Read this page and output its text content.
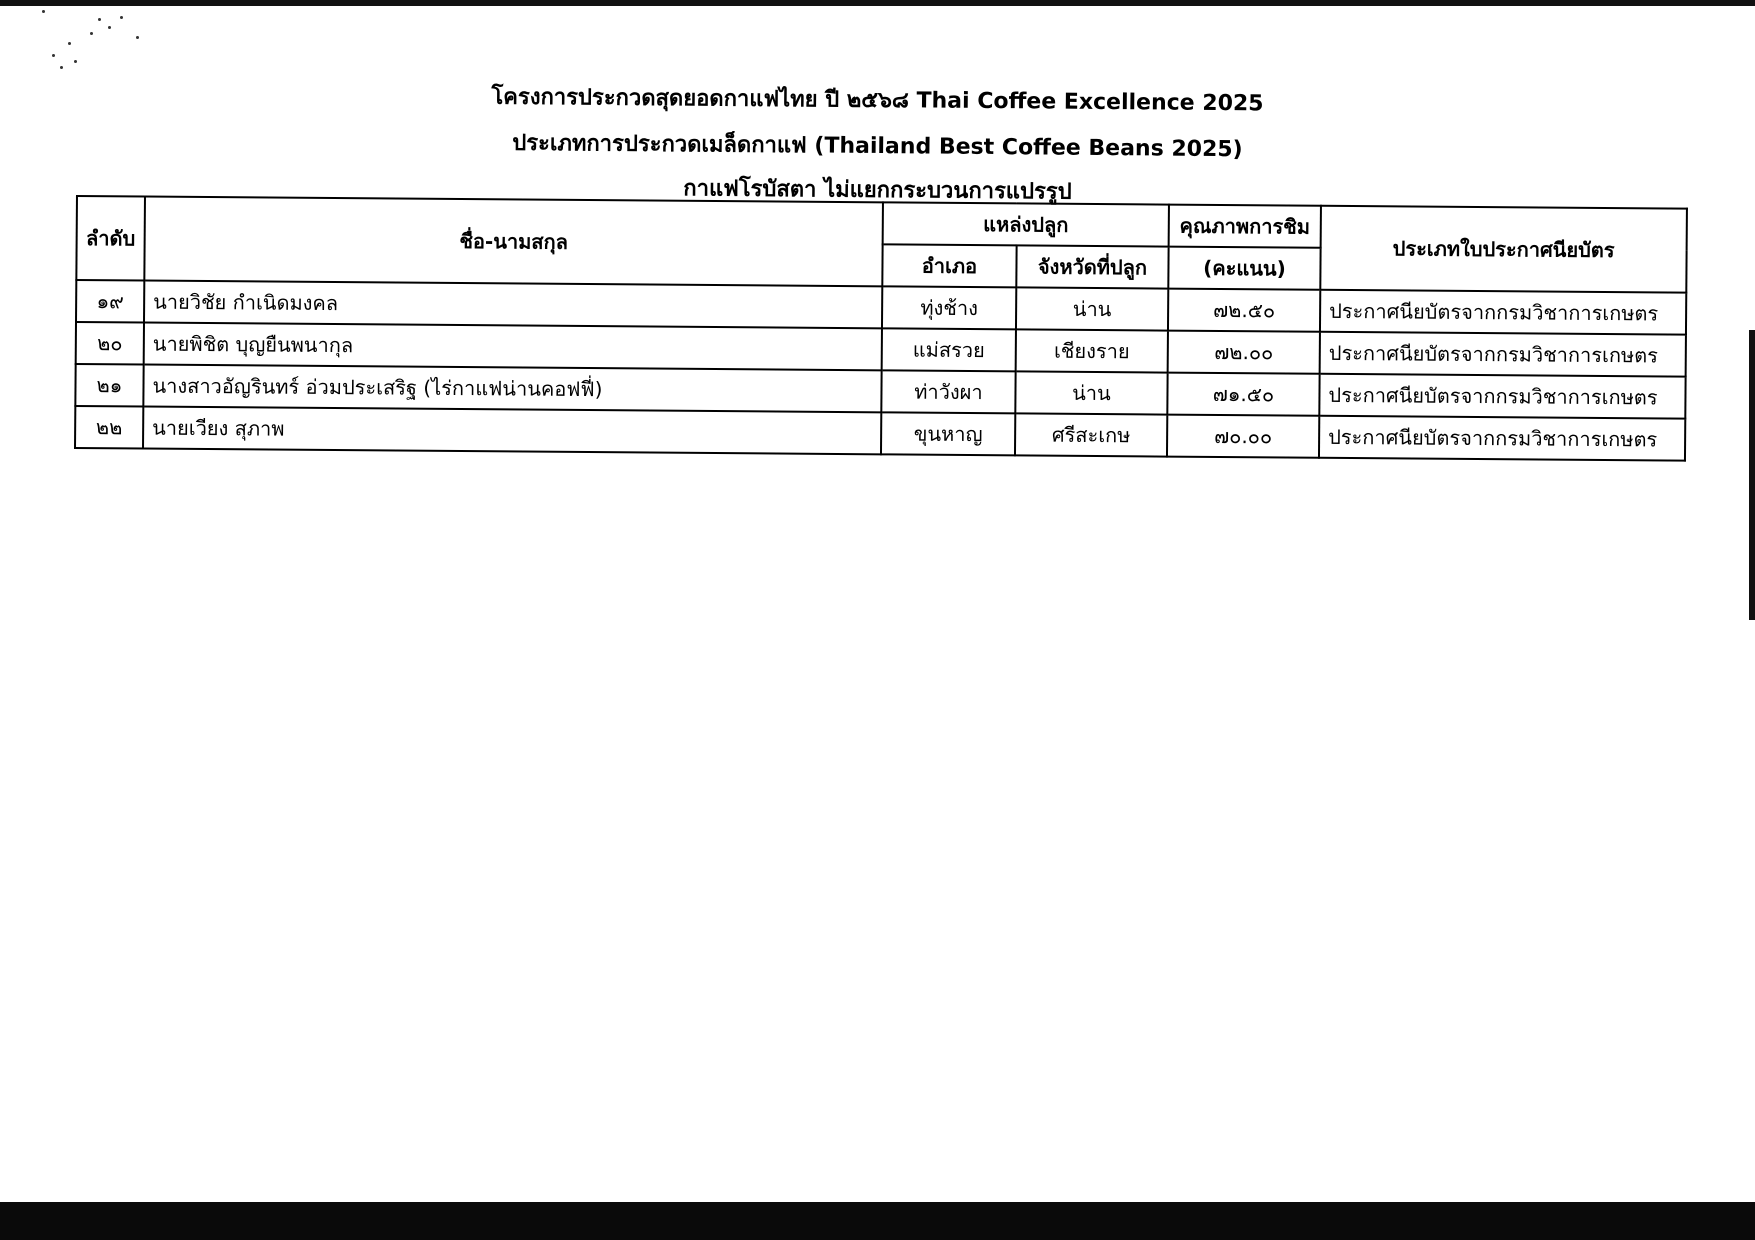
โครงการประกวดสุดยอดกาแฟไทย ปี ๒๕๖๘ Thai Coffee Excellence 2025
ประเภทการประกวดเมล็ดกาแฟ (Thailand Best Coffee Beans 2025)
กาแฟโรบัสตา ไม่แยกกระบวนการแปรรูป
ลำดับ	ชื่อ-นามสกุล	แหล่งปลูก		คุณภาพการชิม	ประเภทใบประกาศนียบัตร
		อำเภอ	จังหวัดที่ปลูก	(คะแนน)	
๑๙	นายวิชัย กำเนิดมงคล	ทุ่งช้าง	น่าน	๗๒.๕๐	ประกาศนียบัตรจากกรมวิชาการเกษตร
๒๐	นายพิชิต บุญยืนพนากุล	แม่สรวย	เชียงราย	๗๒.๐๐	ประกาศนียบัตรจากกรมวิชาการเกษตร
๒๑	นางสาวอัญรินทร์ อ่วมประเสริฐ (ไร่กาแฟน่านคอฟฟี่)	ท่าวังผา	น่าน	๗๑.๕๐	ประกาศนียบัตรจากกรมวิชาการเกษตร
๒๒	นายเวียง สุภาพ	ขุนหาญ	ศรีสะเกษ	๗๐.๐๐	ประกาศนียบัตรจากกรมวิชาการเกษตร
